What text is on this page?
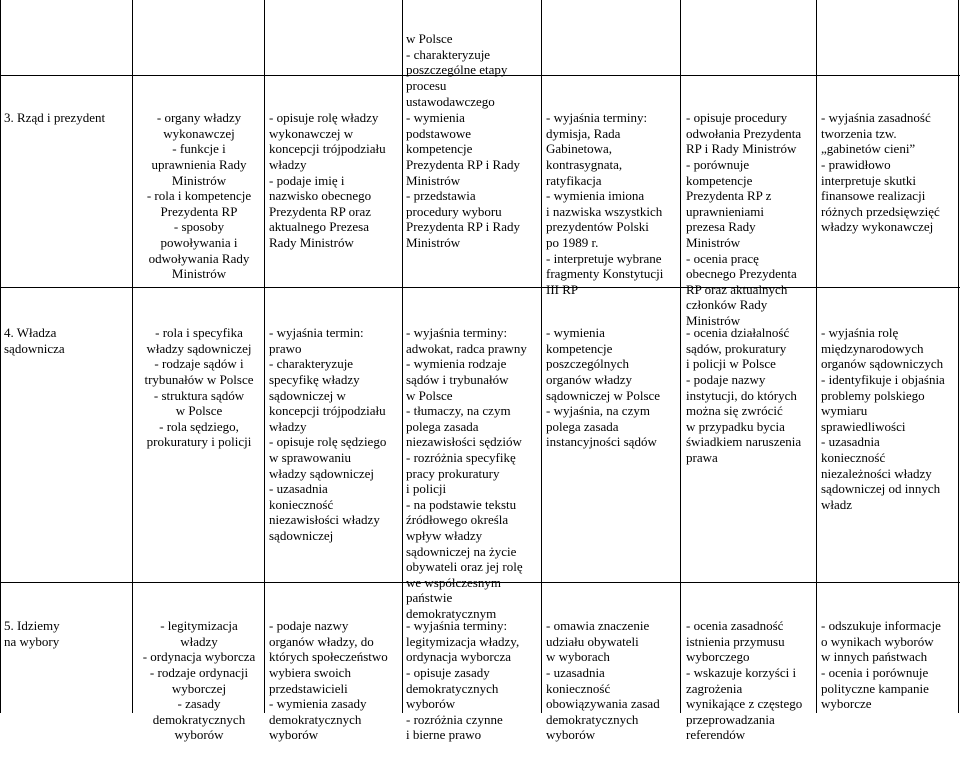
w Polsce
- charakteryzuje
poszczególne etapy
procesu
ustawodawczego

3. Rząd i prezydent

	- organy władzy
wykonawczej
- funkcje i
uprawnienia Rady
Ministrów
- rola i kompetencje
Prezydenta RP
- sposoby
powoływania i
odwoływania Rady
Ministrów

- opisuje rolę władzy
wykonawczej w
koncepcji trójpodziału
władzy
- podaje imię i
nazwisko obecnego
Prezydenta RP oraz
aktualnego Prezesa
Rady Ministrów

- wymienia
podstawowe
kompetencje
Prezydenta RP i Rady
Ministrów
- przedstawia
procedury wyboru
Prezydenta RP i Rady
Ministrów

- wyjaśnia terminy:
dymisja, Rada
Gabinetowa,
kontrasygnata,
ratyfikacja
- wymienia imiona
i nazwiska wszystkich
prezydentów Polski
po 1989 r.
- interpretuje wybrane
fragmenty Konstytucji
III RP

- opisuje procedury
odwołania Prezydenta
RP i Rady Ministrów
- porównuje
kompetencje
Prezydenta RP z
uprawnieniami
prezesa Rady
Ministrów
- ocenia pracę
obecnego Prezydenta
RP oraz aktualnych
członków Rady
Ministrów

- wyjaśnia zasadność
tworzenia tzw.
„gabinetów cieni”
- prawidłowo
interpretuje skutki
finansowe realizacji
różnych przedsięwzięć
władzy wykonawczej

4. Władza
sądownicza

- rola i specyfika
władzy sądowniczej
- rodzaje sądów i
trybunałów w Polsce
- struktura sądów
w Polsce
- rola sędziego,
prokuratury i policji

- wyjaśnia termin:
prawo
- charakteryzuje
specyfikę władzy
sądowniczej w
koncepcji trójpodziału
władzy
- opisuje rolę sędziego
w sprawowaniu
władzy sądowniczej
- uzasadnia
konieczność
niezawisłości władzy
sądowniczej

- wyjaśnia terminy:
adwokat, radca prawny
- wymienia rodzaje
sądów i trybunałów
w Polsce
- tłumaczy, na czym
polega zasada
niezawisłości sędziów
- rozróżnia specyfikę
pracy prokuratury
i policji
- na podstawie tekstu
źródłowego określa
wpływ władzy
sądowniczej na życie
obywateli oraz jej rolę
we współczesnym
państwie
demokratycznym

- wymienia
kompetencje
poszczególnych
organów władzy
sądowniczej w Polsce
- wyjaśnia, na czym
polega zasada
instancyjności sądów

- ocenia działalność
sądów, prokuratury
i policji w Polsce
- podaje nazwy
instytucji, do których
można się zwrócić
w przypadku bycia
świadkiem naruszenia
prawa

- wyjaśnia rolę
międzynarodowych
organów sądowniczych
- identyfikuje i objaśnia
problemy polskiego
wymiaru
sprawiedliwości
- uzasadnia
konieczność
niezależności władzy
sądowniczej od innych
władz

5. Idziemy
na wybory

- legitymizacja
władzy
- ordynacja wyborcza
- rodzaje ordynacji
wyborczej
- zasady
demokratycznych
wyborów

- podaje nazwy
organów władzy, do
których społeczeństwo
wybiera swoich
przedstawicieli
- wymienia zasady
demokratycznych
wyborów

- wyjaśnia terminy:
legitymizacja władzy,
ordynacja wyborcza
- opisuje zasady
demokratycznych
wyborów
- rozróżnia czynne
i bierne prawo

- omawia znaczenie
udziału obywateli
w wyborach
- uzasadnia
konieczność
obowiązywania zasad
demokratycznych
wyborów

- ocenia zasadność
istnienia przymusu
wyborczego
- wskazuje korzyści i
zagrożenia
wynikające z częstego
przeprowadzania
referendów

- odszukuje informacje
o wynikach wyborów
w innych państwach
- ocenia i porównuje
polityczne kampanie
wyborcze
